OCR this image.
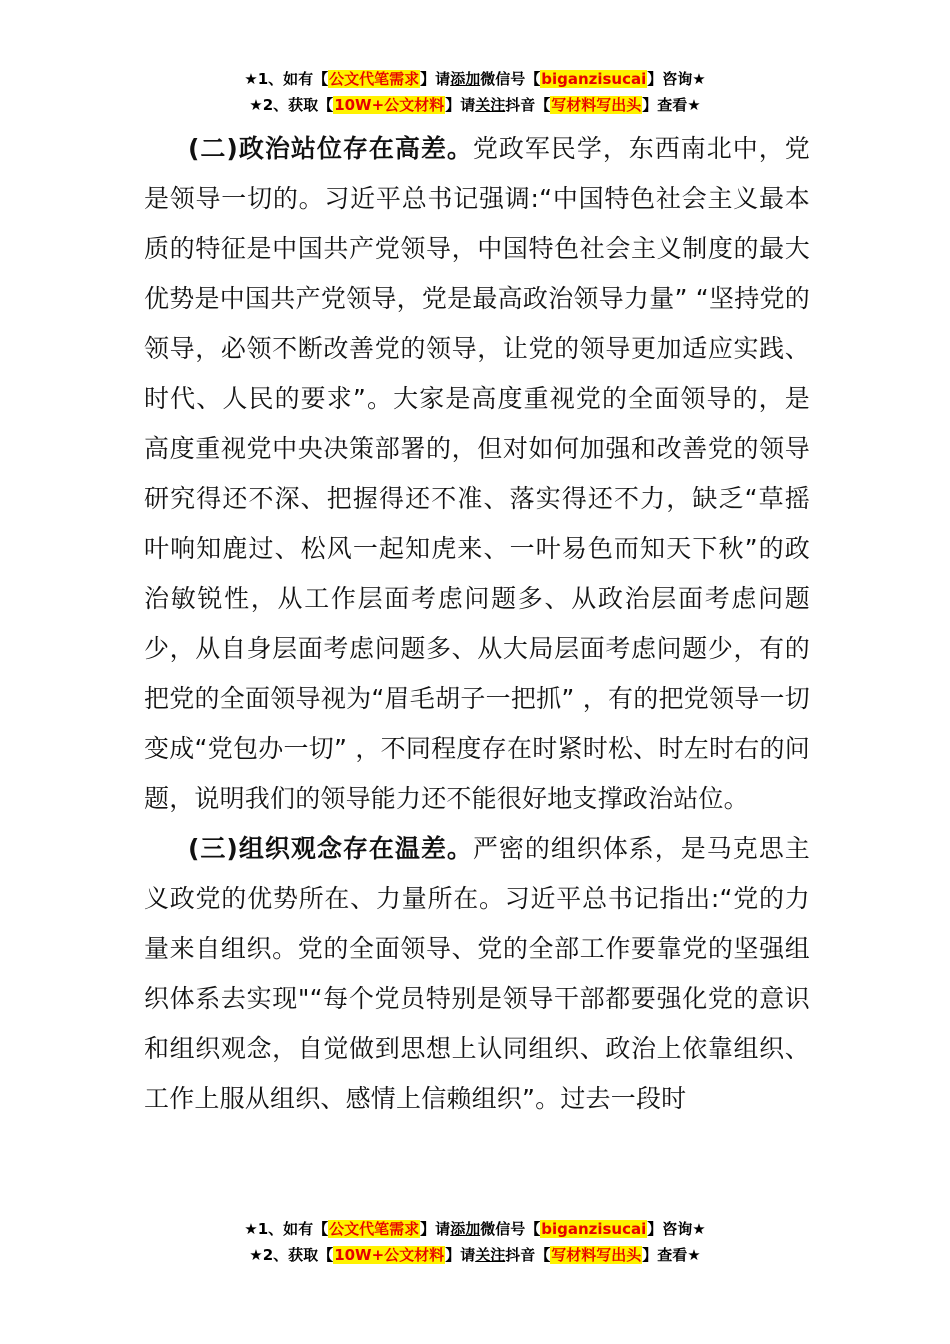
★1、如有【公文代笔需求】请添加微信号【biganzisucai】咨询★
★2、获取【10W+公文材料】请关注抖音【写材料写出头】查看★

(二)政治站位存在高差。党政军民学，东西南北中，党是领导一切的。习近平总书记强调:“中国特色社会主义最本质的特征是中国共产党领导，中国特色社会主义制度的最大优势是中国共产党领导，党是最高政治领导力量” “坚持党的领导，必领不断改善党的领导，让党的领导更加适应实践、时代、人民的要求”。大家是高度重视党的全面领导的，是高度重视党中央决策部署的，但对如何加强和改善党的领导研究得还不深、把握得还不准、落实得还不力，缺乏“草摇叶响知鹿过、松风一起知虎来、一叶易色而知天下秋”的政治敏锐性，从工作层面考虑问题多、从政治层面考虑问题少，从自身层面考虑问题多、从大局层面考虑问题少，有的把党的全面领导视为“眉毛胡子一把抓” ，有的把党领导一切变成“党包办一切” ，不同程度存在时紧时松、时左时右的问题，说明我们的领导能力还不能很好地支撑政治站位。

(三)组织观念存在温差。严密的组织体系，是马克思主义政党的优势所在、力量所在。习近平总书记指出:“党的力量来自组织。党的全面领导、党的全部工作要靠党的坚强组织体系去实现"“每个党员特别是领导干部都要强化党的意识和组织观念，自觉做到思想上认同组织、政治上依靠组织、工作上服从组织、感情上信赖组织”。过去一段时

★1、如有【公文代笔需求】请添加微信号【biganzisucai】咨询★
★2、获取【10W+公文材料】请关注抖音【写材料写出头】查看★
